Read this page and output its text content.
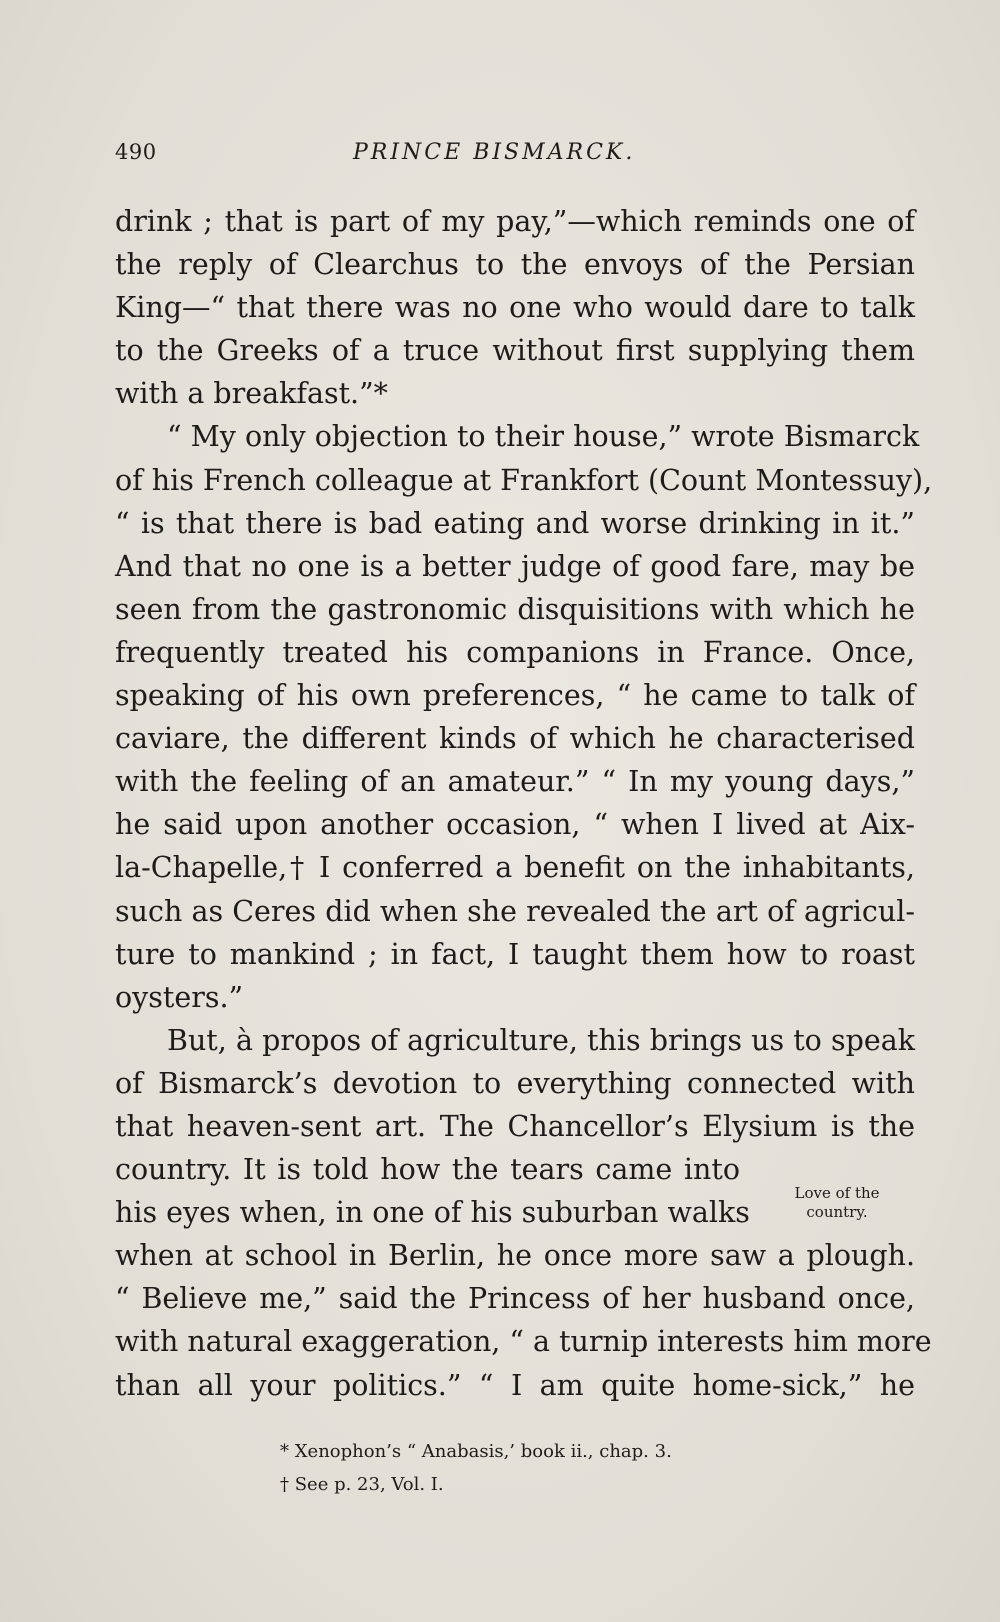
490	PRINCE BISMARCK.
drink ; that is part of my pay,”—which reminds one of
the reply of Clearchus to the envoys of the Persian
King—“ that there was no one who would dare to talk
to the Greeks of a truce without first supplying them
with a breakfast.”*
“ My only objection to their house,” wrote Bismarck
of his French colleague at Frankfort (Count Montessuy),
“ is that there is bad eating and worse drinking in it.”
And that no one is a better judge of good fare, may be
seen from the gastronomic disquisitions with which he
frequently treated his companions in France. Once,
speaking of his own preferences, “ he came to talk of
caviare, the different kinds of which he characterised
with the feeling of an amateur.” “ In my young days,”
he said upon another occasion, “ when I lived at Aix-
la-Chapelle,† I conferred a benefit on the inhabitants,
such as Ceres did when she revealed the art of agricul-
ture to mankind ; in fact, I taught them how to roast
oysters.”
But, à propos of agriculture, this brings us to speak
of Bismarck’s devotion to everything connected with
that heaven-sent art. The Chancellor’s Elysium is the
country. It is told how the tears came into
his eyes when, in one of his suburban walks
when at school in Berlin, he once more saw a plough.
“ Believe me,” said the Princess of her husband once,
with natural exaggeration, “ a turnip interests him more
than all your politics.” “ I am quite home-sick,” he
Love of the
country.
* Xenophon’s “ Anabasis,’ book ii., chap. 3.
† See p. 23, Vol. I.
